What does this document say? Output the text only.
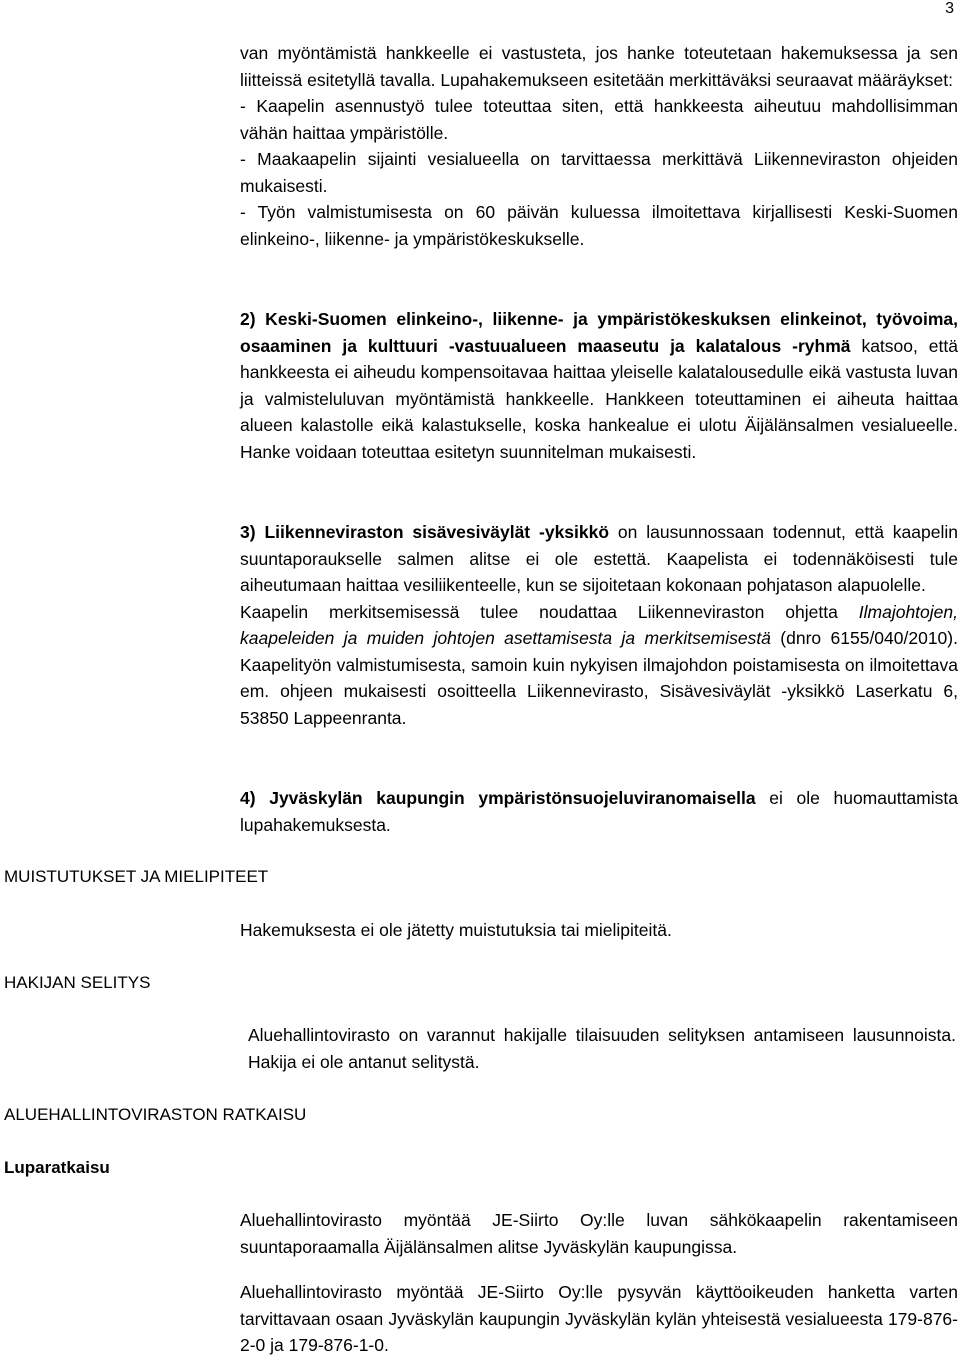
3

van myöntämistä hankkeelle ei vastusteta, jos hanke toteutetaan hakemuksessa ja sen liitteissä esitetyllä tavalla. Lupahakemukseen esitetään merkittäväksi seuraavat määräykset:

- Kaapelin asennustyö tulee toteuttaa siten, että hankkeesta aiheutuu mahdollisimman vähän haittaa ympäristölle.

- Maakaapelin sijainti vesialueella on tarvittaessa merkittävä Liikenneviraston ohjeiden mukaisesti.

- Työn valmistumisesta on 60 päivän kuluessa ilmoitettava kirjallisesti Keski-Suomen elinkeino-, liikenne- ja ympäristökeskukselle.

2) Keski-Suomen elinkeino-, liikenne- ja ympäristökeskuksen elinkeinot, työvoima, osaaminen ja kulttuuri -vastuualueen maaseutu ja kalatalous -ryhmä katsoo, että hankkeesta ei aiheudu kompensoitavaa haittaa yleiselle kalatalousedulle eikä vastusta luvan ja valmisteluluvan myöntämistä hankkeelle. Hankkeen toteuttaminen ei aiheuta haittaa alueen kalastolle eikä kalastukselle, koska hankealue ei ulotu Äijälänsalmen vesialueelle. Hanke voidaan toteuttaa esitetyn suunnitelman mukaisesti.

3) Liikenneviraston sisävesiväylät -yksikkö on lausunnossaan todennut, että kaapelin suuntaporaukselle salmen alitse ei ole estettä. Kaapelista ei todennäköisesti tule aiheutumaan haittaa vesiliikenteelle, kun se sijoitetaan kokonaan pohjatason alapuolelle.

Kaapelin merkitsemisessä tulee noudattaa Liikenneviraston ohjetta Ilmajohtojen, kaapeleiden ja muiden johtojen asettamisesta ja merkitsemisestä (dnro 6155/040/2010). Kaapelityön valmistumisesta, samoin kuin nykyisen ilmajohdon poistamisesta on ilmoitettava em. ohjeen mukaisesti osoitteella Liikennevirasto, Sisävesiväylät -yksikkö Laserkatu 6, 53850 Lappeenranta.

4) Jyväskylän kaupungin ympäristönsuojeluviranomaisella ei ole huomauttamista lupahakemuksesta.

MUISTUTUKSET JA MIELIPITEET

Hakemuksesta ei ole jätetty muistutuksia tai mielipiteitä.

HAKIJAN SELITYS

Aluehallintovirasto on varannut hakijalle tilaisuuden selityksen antamiseen lausunnoista. Hakija ei ole antanut selitystä.

ALUEHALLINTOVIRASTON RATKAISU
Luparatkaisu

Aluehallintovirasto myöntää JE-Siirto Oy:lle luvan sähkökaapelin rakentamiseen suuntaporaamalla Äijälänsalmen alitse Jyväskylän kaupungissa.

Aluehallintovirasto myöntää JE-Siirto Oy:lle pysyvän käyttöoikeuden hanketta varten tarvittavaan osaan Jyväskylän kaupungin Jyväskylän kylän yhteisestä vesialueesta 179-876-2-0 ja 179-876-1-0.
